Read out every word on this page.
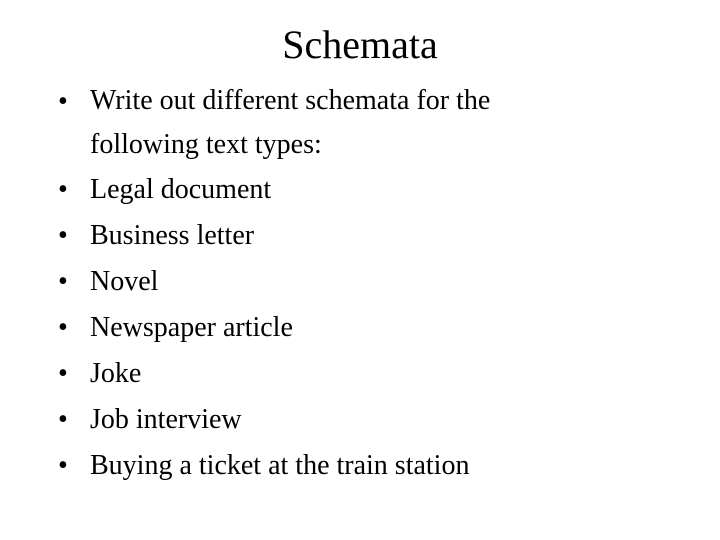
Schemata
•
Write out different schemata for the following text types:
•
Legal document
•
Business letter
•
Novel
•
Newspaper article
•
Joke
•
Job interview
•
Buying a ticket at the train station
